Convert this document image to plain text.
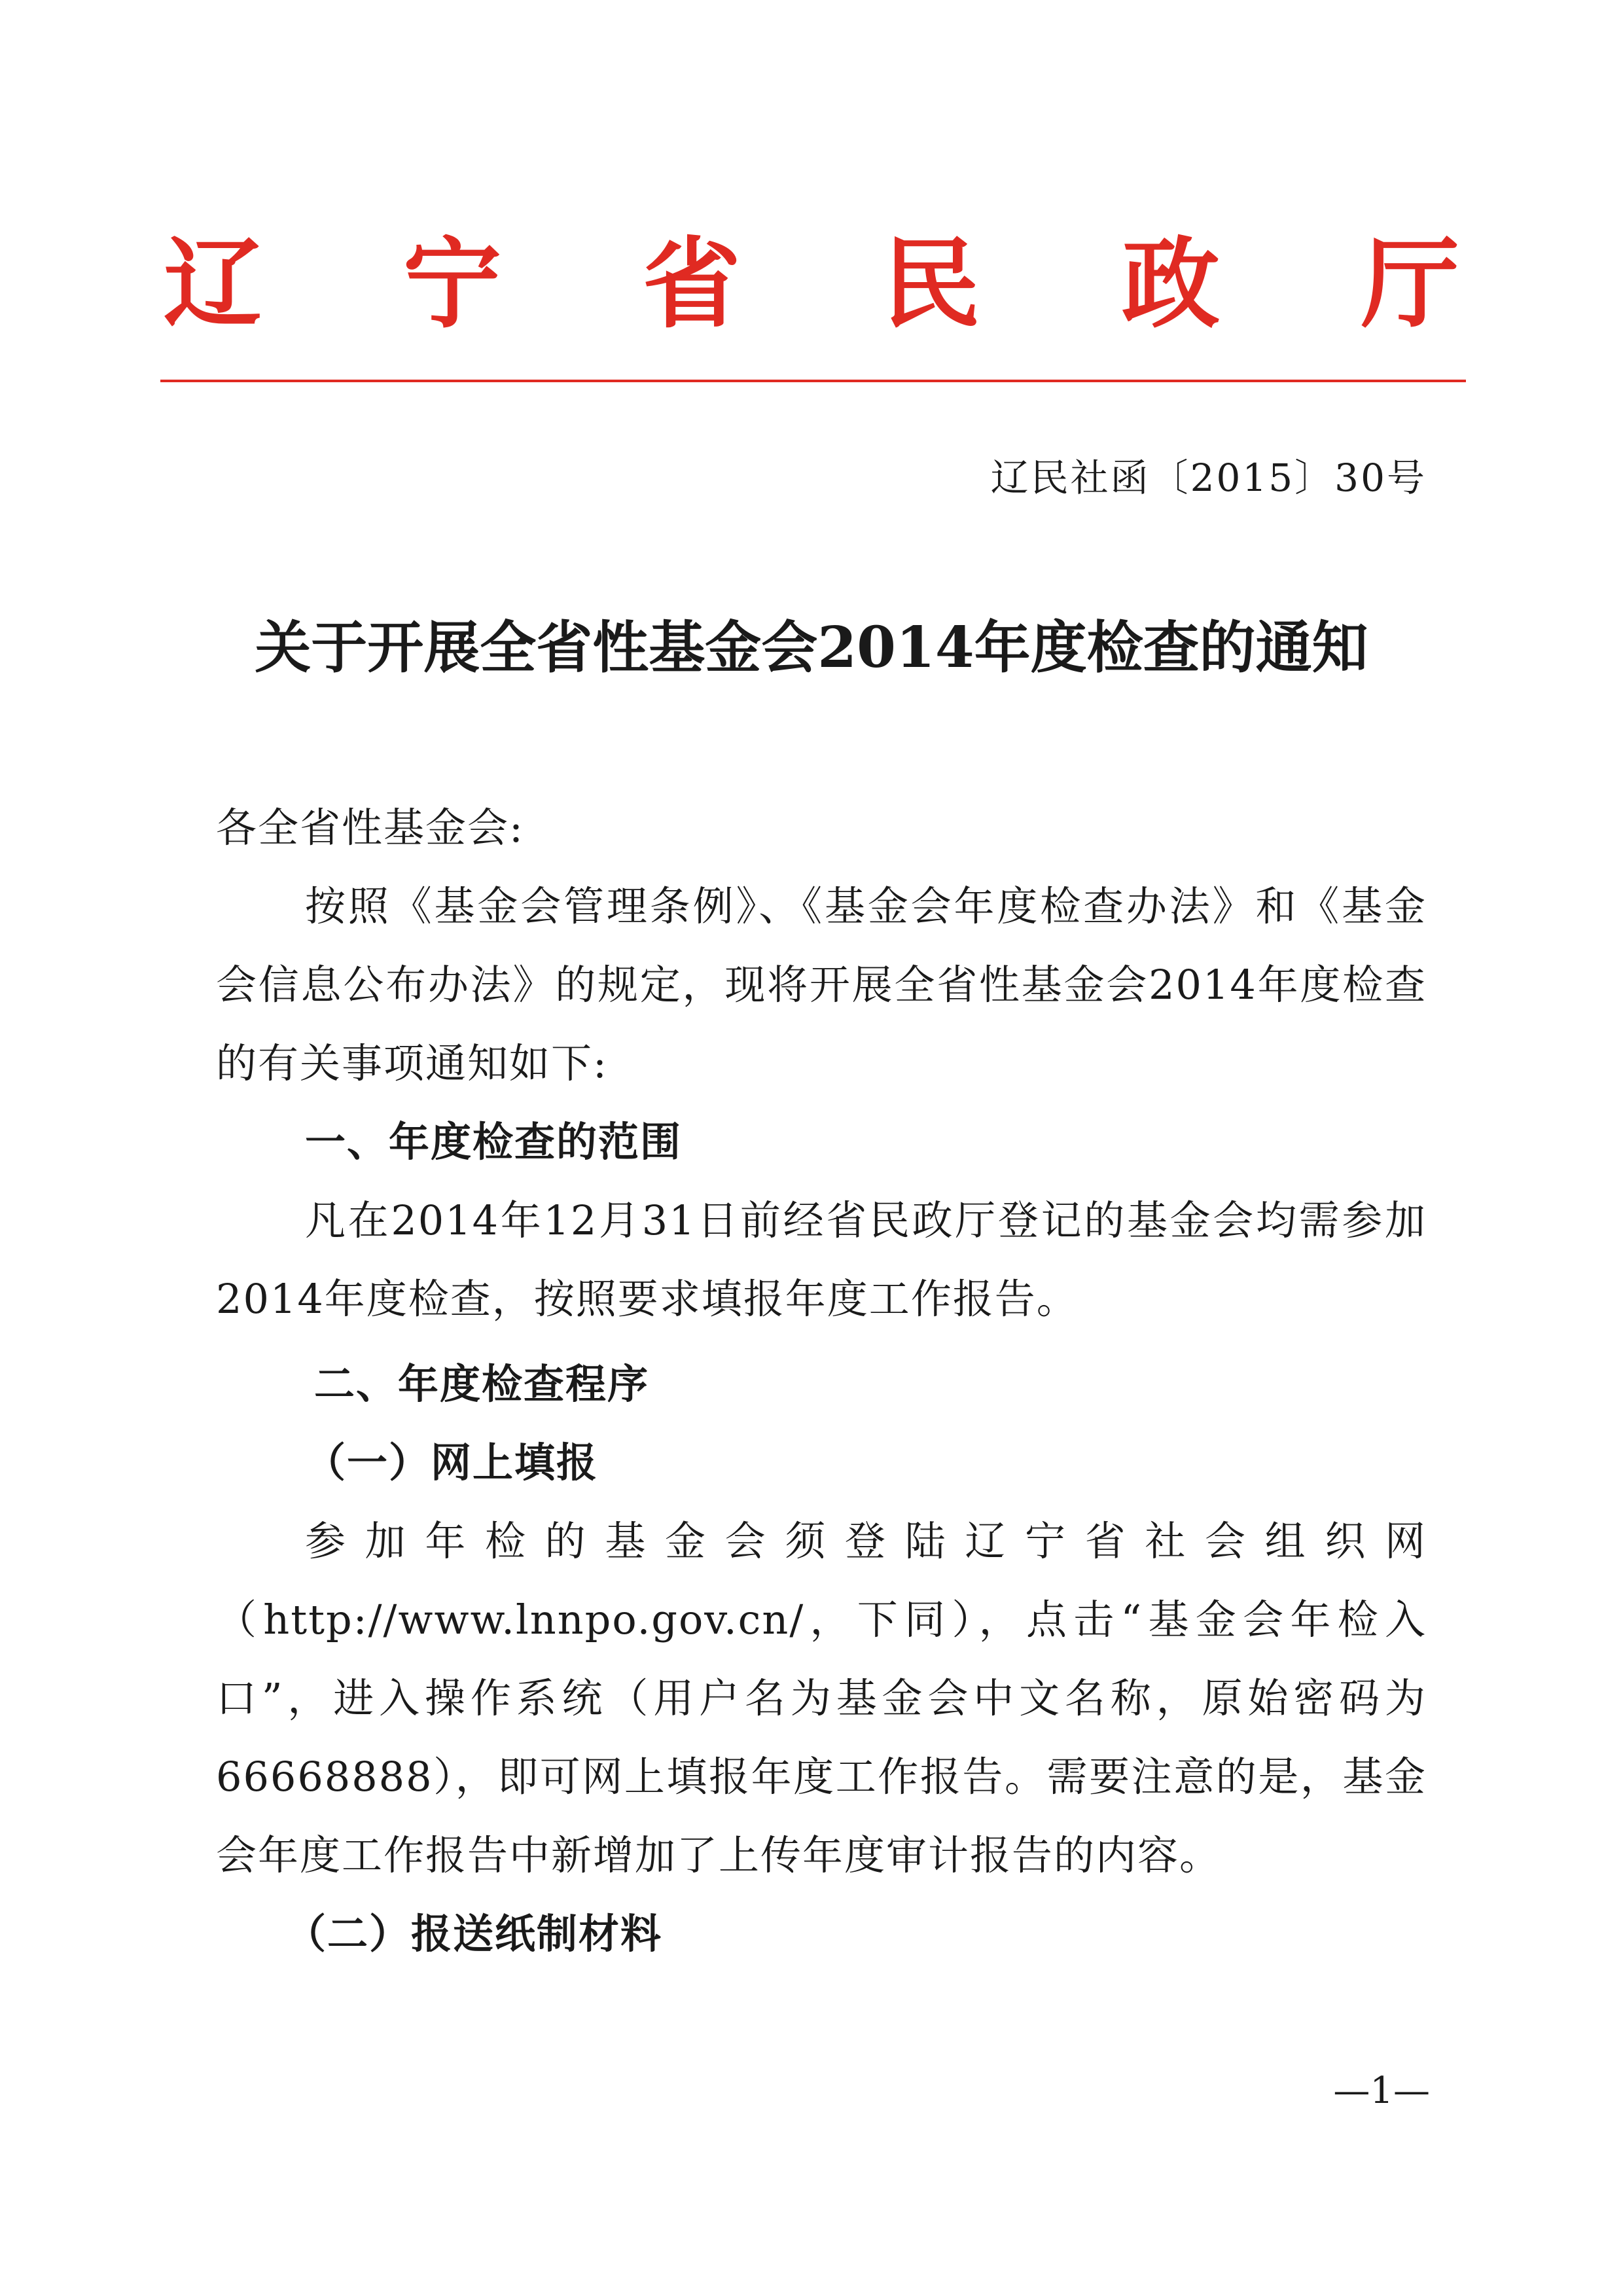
辽 宁 省 民 政 厅
辽民社函〔2015〕30号
关于开展全省性基金会2014年度检查的通知
各全省性基金会:
按照《基金会管理条例》、《基金会年度检查办法》和《基金会信息公布办法》的规定，现将开展全省性基金会2014年度检查的有关事项通知如下:
一、年度检查的范围
凡在2014年12月31日前经省民政厅登记的基金会均需参加2014年度检查，按照要求填报年度工作报告。
二、年度检查程序
（一）网上填报
参加年检的基金会须登陆辽宁省社会组织网（http://www.lnnpo.gov.cn/，下同），点击“基金会年检入口”，进入操作系统（用户名为基金会中文名称，原始密码为66668888），即可网上填报年度工作报告。需要注意的是，基金会年度工作报告中新增加了上传年度审计报告的内容。
（二）报送纸制材料
—1—
